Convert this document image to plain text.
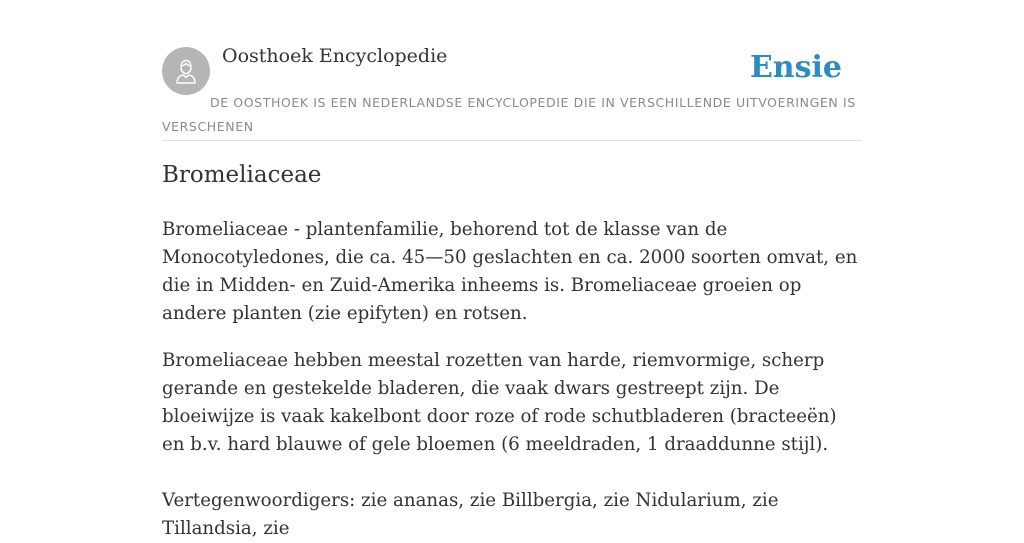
Oosthoek Encyclopedie	Ensie
DE OOSTHOEK IS EEN NEDERLANDSE ENCYCLOPEDIE DIE IN VERSCHILLENDE UITVOERINGEN IS VERSCHENEN
Bromeliaceae

Bromeliaceae - plantenfamilie, behorend tot de klasse van de Monocotyledones, die ca. 45—50 geslachten en ca. 2000 soorten omvat, en die in Midden- en Zuid-Amerika inheems is. Bromeliaceae groeien op andere planten (zie epifyten) en rotsen.

Bromeliaceae hebben meestal rozetten van harde, riemvormige, scherp gerande en gestekelde bladeren, die vaak dwars gestreept zijn. De bloeiwijze is vaak kakelbont door roze of rode schutbladeren (bracteeën) en b.v. hard blauwe of gele bloemen (6 meeldraden, 1 draaddunne stijl).

Vertegenwoordigers: zie ananas, zie Billbergia, zie Nidularium, zie Tillandsia, zie
